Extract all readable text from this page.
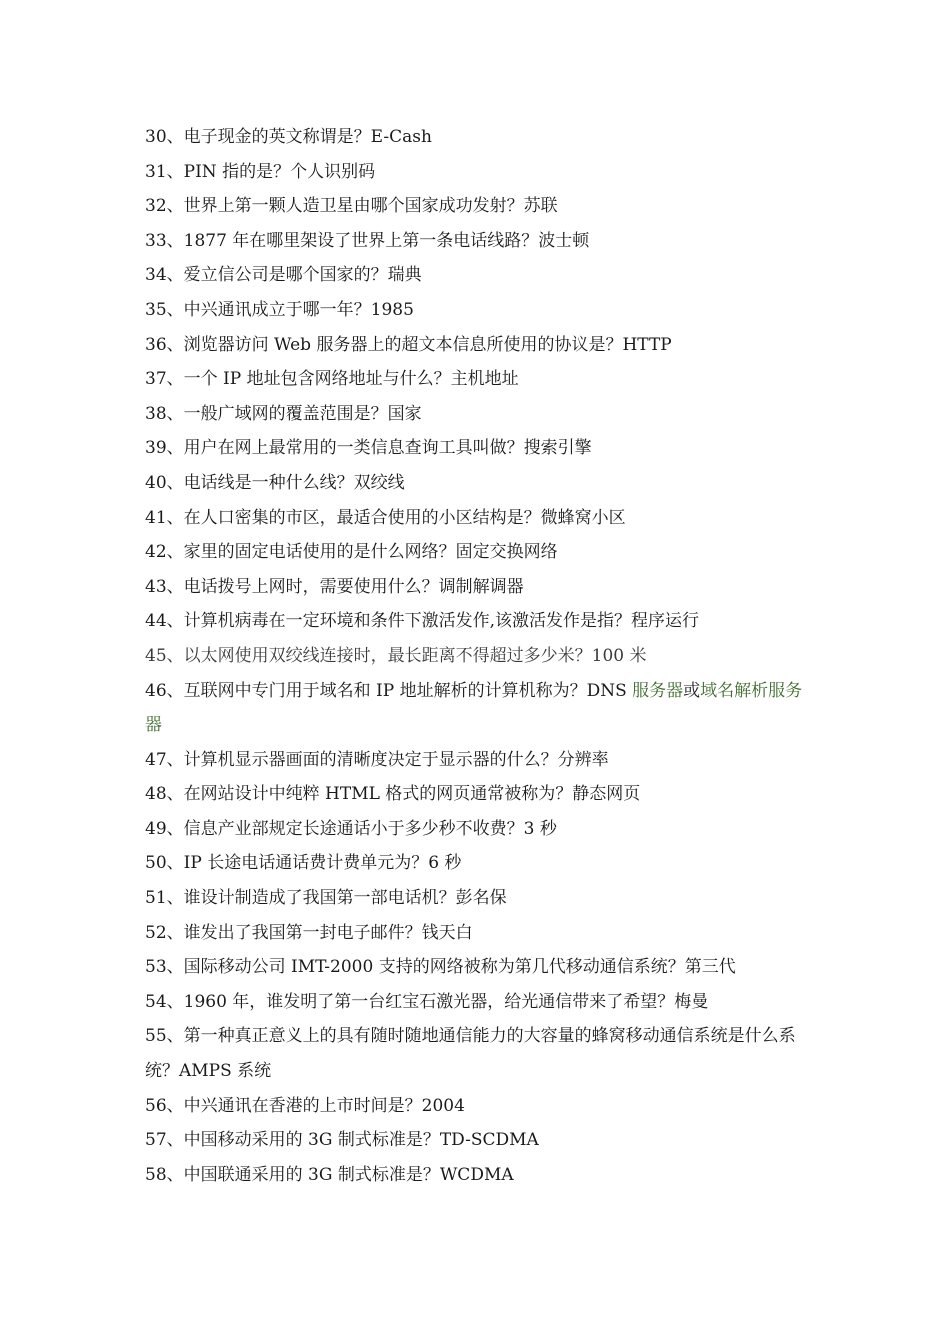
30、电子现金的英文称谓是？E-Cash
31、PIN 指的是？个人识别码
32、世界上第一颗人造卫星由哪个国家成功发射？苏联
33、1877 年在哪里架设了世界上第一条电话线路？波士顿
34、爱立信公司是哪个国家的？瑞典
35、中兴通讯成立于哪一年？1985
36、浏览器访问 Web 服务器上的超文本信息所使用的协议是？HTTP
37、一个 IP 地址包含网络地址与什么？主机地址
38、一般广域网的覆盖范围是？国家
39、用户在网上最常用的一类信息查询工具叫做？搜索引擎
40、电话线是一种什么线？双绞线
41、在人口密集的市区，最适合使用的小区结构是？微蜂窝小区
42、家里的固定电话使用的是什么网络？固定交换网络
43、电话拨号上网时，需要使用什么？调制解调器
44、计算机病毒在一定环境和条件下激活发作,该激活发作是指？程序运行
45、以太网使用双绞线连接时，最长距离不得超过多少米？100 米
46、互联网中专门用于域名和 IP 地址解析的计算机称为？DNS 服务器或域名解析服务器
47、计算机显示器画面的清晰度决定于显示器的什么？分辨率
48、在网站设计中纯粹 HTML 格式的网页通常被称为？静态网页
49、信息产业部规定长途通话小于多少秒不收费？3 秒
50、IP 长途电话通话费计费单元为？6 秒
51、谁设计制造成了我国第一部电话机？彭名保
52、谁发出了我国第一封电子邮件？钱天白
53、国际移动公司 IMT-2000 支持的网络被称为第几代移动通信系统？第三代
54、1960 年，谁发明了第一台红宝石激光器，给光通信带来了希望？梅曼
55、第一种真正意义上的具有随时随地通信能力的大容量的蜂窝移动通信系统是什么系统？AMPS 系统
56、中兴通讯在香港的上市时间是？2004
57、中国移动采用的 3G 制式标准是？TD-SCDMA
58、中国联通采用的 3G 制式标准是？WCDMA
